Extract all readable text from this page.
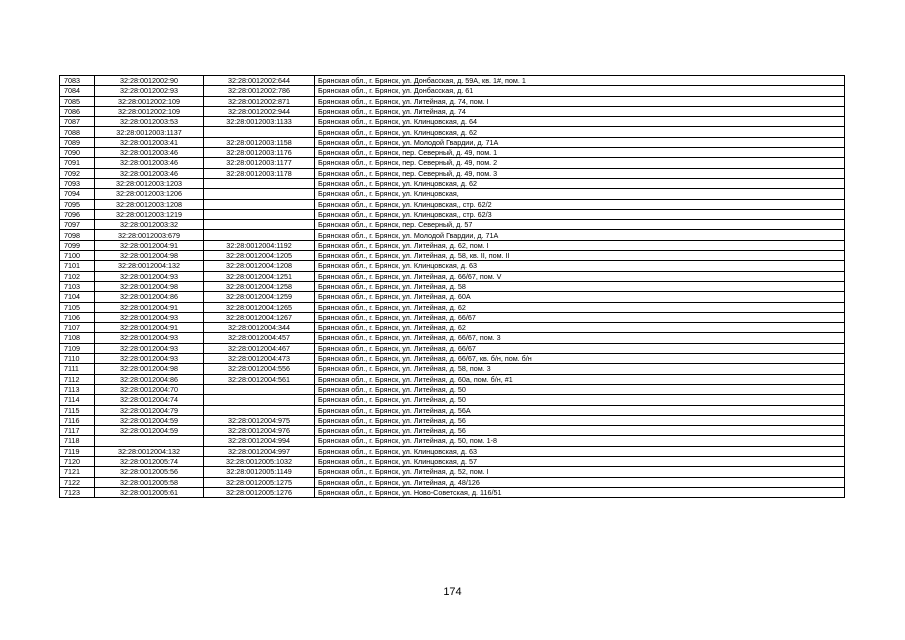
7083	32:28:0012002:90	32:28:0012002:644	Брянская обл., г. Брянск, ул. Донбасская, д. 59А, кв. 1#, пом. 1
7084	32:28:0012002:93	32:28:0012002:786	Брянская обл., г. Брянск, ул. Донбасская, д. 61
7085	32:28:0012002:109	32:28:0012002:871	Брянская обл., г. Брянск, ул. Литейная, д. 74, пом. I
7086	32:28:0012002:109	32:28:0012002:944	Брянская обл., г. Брянск, ул. Литейная, д. 74
7087	32:28:0012003:53	32:28:0012003:1133	Брянская обл., г. Брянск, ул. Клинцовская, д. 64
7088	32:28:0012003:1137		Брянская обл., г. Брянск, ул. Клинцовская, д. 62
7089	32:28:0012003:41	32:28:0012003:1158	Брянская обл., г. Брянск, ул. Молодой Гвардии, д. 71А
7090	32:28:0012003:46	32:28:0012003:1176	Брянская обл., г. Брянск, пер. Северный, д. 49, пом. 1
7091	32:28:0012003:46	32:28:0012003:1177	Брянская обл., г. Брянск, пер. Северный, д. 49, пом. 2
7092	32:28:0012003:46	32:28:0012003:1178	Брянская обл., г. Брянск, пер. Северный, д. 49, пом. 3
7093	32:28:0012003:1203		Брянская обл., г. Брянск, ул. Клинцовская, д. 62
7094	32:28:0012003:1206		Брянская обл., г. Брянск, ул. Клинцовская,
7095	32:28:0012003:1208		Брянская обл., г. Брянск, ул. Клинцовская,, стр. 62/2
7096	32:28:0012003:1219		Брянская обл., г. Брянск, ул. Клинцовская,, стр. 62/3
7097	32:28:0012003:32		Брянская обл., г. Брянск, пер. Северный, д. 57
7098	32:28:0012003:679		Брянская обл., г. Брянск, ул. Молодой Гвардии, д. 71А
7099	32:28:0012004:91	32:28:0012004:1192	Брянская обл., г. Брянск, ул. Литейная, д. 62, пом. I
7100	32:28:0012004:98	32:28:0012004:1205	Брянская обл., г. Брянск, ул. Литейная, д. 58, кв. II, пом. II
7101	32:28:0012004:132	32:28:0012004:1208	Брянская обл., г. Брянск, ул. Клинцовская, д. 63
7102	32:28:0012004:93	32:28:0012004:1251	Брянская обл., г. Брянск, ул. Литейная, д. 66/67, пом. V
7103	32:28:0012004:98	32:28:0012004:1258	Брянская обл., г. Брянск, ул. Литейная, д. 58
7104	32:28:0012004:86	32:28:0012004:1259	Брянская обл., г. Брянск, ул. Литейная, д. 60А
7105	32:28:0012004:91	32:28:0012004:1265	Брянская обл., г. Брянск, ул. Литейная, д. 62
7106	32:28:0012004:93	32:28:0012004:1267	Брянская обл., г. Брянск, ул. Литейная, д. 66/67
7107	32:28:0012004:91	32:28:0012004:344	Брянская обл., г. Брянск, ул. Литейная, д. 62
7108	32:28:0012004:93	32:28:0012004:457	Брянская обл., г. Брянск, ул. Литейная, д. 66/67, пом. 3
7109	32:28:0012004:93	32:28:0012004:467	Брянская обл., г. Брянск, ул. Литейная, д. 66/67
7110	32:28:0012004:93	32:28:0012004:473	Брянская обл., г. Брянск, ул. Литейная, д. 66/67, кв. б/н, пом. б/н
7111	32:28:0012004:98	32:28:0012004:556	Брянская обл., г. Брянск, ул. Литейная, д. 58, пом. 3
7112	32:28:0012004:86	32:28:0012004:561	Брянская обл., г. Брянск, ул. Литейная, д. 60а, пом. б/н, #1
7113	32:28:0012004:70		Брянская обл., г. Брянск, ул. Литейная, д. 50
7114	32:28:0012004:74		Брянская обл., г. Брянск, ул. Литейная, д. 50
7115	32:28:0012004:79		Брянская обл., г. Брянск, ул. Литейная, д. 56А
7116	32:28:0012004:59	32:28:0012004:975	Брянская обл., г. Брянск, ул. Литейная, д. 56
7117	32:28:0012004:59	32:28:0012004:976	Брянская обл., г. Брянск, ул. Литейная, д. 56
7118		32:28:0012004:994	Брянская обл., г. Брянск, ул. Литейная, д. 50, пом. 1-8
7119	32:28:0012004:132	32:28:0012004:997	Брянская обл., г. Брянск, ул. Клинцовская, д. 63
7120	32:28:0012005:74	32:28:0012005:1032	Брянская обл., г. Брянск, ул. Клинцовская, д. 57
7121	32:28:0012005:56	32:28:0012005:1149	Брянская обл., г. Брянск, ул. Литейная, д. 52, пом. I
7122	32:28:0012005:58	32:28:0012005:1275	Брянская обл., г. Брянск, ул. Литейная, д. 48/126
7123	32:28:0012005:61	32:28:0012005:1276	Брянская обл., г. Брянск, ул. Ново-Советская, д. 116/51
174
